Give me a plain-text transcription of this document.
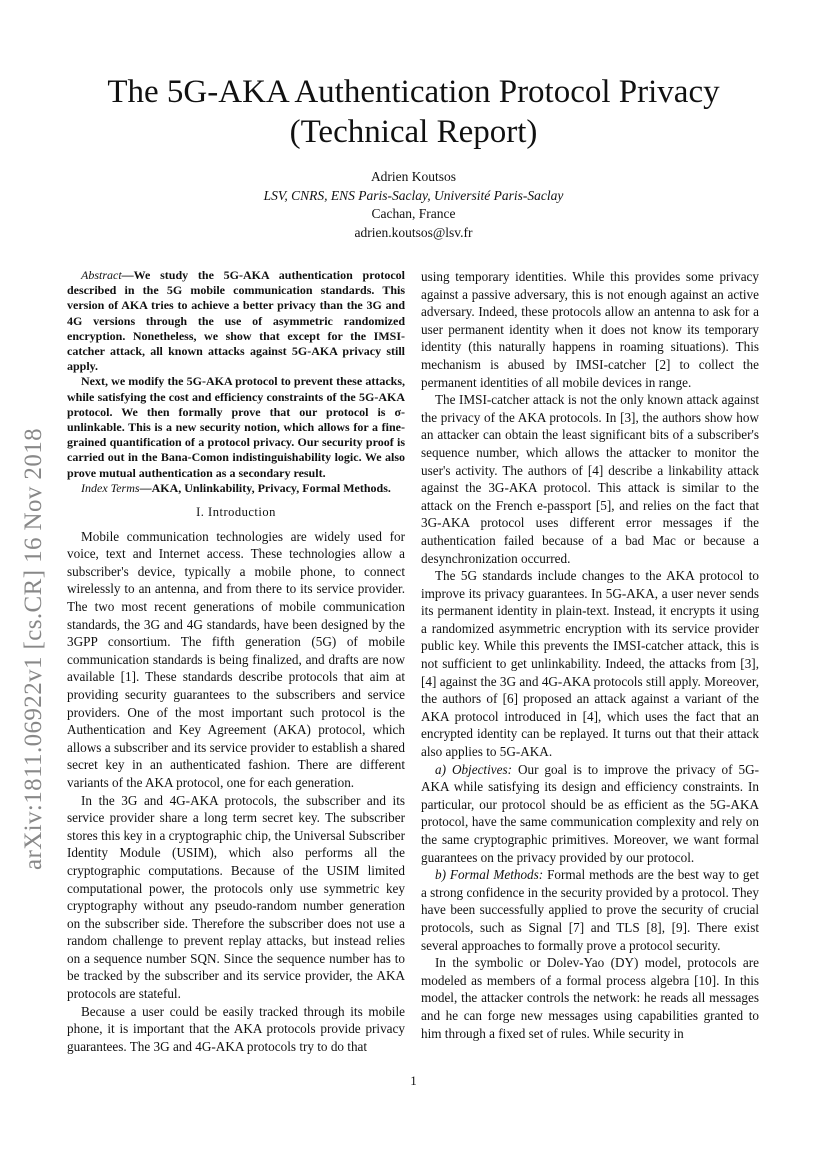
The 5G-AKA Authentication Protocol Privacy
(Technical Report)
Adrien Koutsos
LSV, CNRS, ENS Paris-Saclay, Université Paris-Saclay
Cachan, France
adrien.koutsos@lsv.fr
arXiv:1811.06922v1 [cs.CR] 16 Nov 2018

Abstract—We study the 5G-AKA authentication protocol described in the 5G mobile communication standards. This version of AKA tries to achieve a better privacy than the 3G and 4G versions through the use of asymmetric randomized encryption. Nonetheless, we show that except for the IMSI-catcher attack, all known attacks against 5G-AKA privacy still apply.

Next, we modify the 5G-AKA protocol to prevent these attacks, while satisfying the cost and efficiency constraints of the 5G-AKA protocol. We then formally prove that our protocol is σ-unlinkable. This is a new security notion, which allows for a fine-grained quantification of a protocol privacy. Our security proof is carried out in the Bana-Comon indistinguishability logic. We also prove mutual authentication as a secondary result.

Index Terms—AKA, Unlinkability, Privacy, Formal Methods.

I. Introduction

Mobile communication technologies are widely used for voice, text and Internet access. These technologies allow a subscriber's device, typically a mobile phone, to connect wirelessly to an antenna, and from there to its service provider. The two most recent generations of mobile communication standards, the 3G and 4G standards, have been designed by the 3GPP consortium. The fifth generation (5G) of mobile communication standards is being finalized, and drafts are now available [1]. These standards describe protocols that aim at providing security guarantees to the subscribers and service providers. One of the most important such protocol is the Authentication and Key Agreement (AKA) protocol, which allows a subscriber and its service provider to establish a shared secret key in an authenticated fashion. There are different variants of the AKA protocol, one for each generation.

In the 3G and 4G-AKA protocols, the subscriber and its service provider share a long term secret key. The subscriber stores this key in a cryptographic chip, the Universal Subscriber Identity Module (USIM), which also performs all the cryptographic computations. Because of the USIM limited computational power, the protocols only use symmetric key cryptography without any pseudo-random number generation on the subscriber side. Therefore the subscriber does not use a random challenge to prevent replay attacks, but instead relies on a sequence number SQN. Since the sequence number has to be tracked by the subscriber and its service provider, the AKA protocols are stateful.

Because a user could be easily tracked through its mobile phone, it is important that the AKA protocols provide privacy guarantees. The 3G and 4G-AKA protocols try to do that

using temporary identities. While this provides some privacy against a passive adversary, this is not enough against an active adversary. Indeed, these protocols allow an antenna to ask for a user permanent identity when it does not know its temporary identity (this naturally happens in roaming situations). This mechanism is abused by IMSI-catcher [2] to collect the permanent identities of all mobile devices in range.

The IMSI-catcher attack is not the only known attack against the privacy of the AKA protocols. In [3], the authors show how an attacker can obtain the least significant bits of a subscriber's sequence number, which allows the attacker to monitor the user's activity. The authors of [4] describe a linkability attack against the 3G-AKA protocol. This attack is similar to the attack on the French e-passport [5], and relies on the fact that 3G-AKA protocol uses different error messages if the authentication failed because of a bad Mac or because a desynchronization occurred.

The 5G standards include changes to the AKA protocol to improve its privacy guarantees. In 5G-AKA, a user never sends its permanent identity in plain-text. Instead, it encrypts it using a randomized asymmetric encryption with its service provider public key. While this prevents the IMSI-catcher attack, this is not sufficient to get unlinkability. Indeed, the attacks from [3], [4] against the 3G and 4G-AKA protocols still apply. Moreover, the authors of [6] proposed an attack against a variant of the AKA protocol introduced in [4], which uses the fact that an encrypted identity can be replayed. It turns out that their attack also applies to 5G-AKA.

a) Objectives: Our goal is to improve the privacy of 5G-AKA while satisfying its design and efficiency constraints. In particular, our protocol should be as efficient as the 5G-AKA protocol, have the same communication complexity and rely on the same cryptographic primitives. Moreover, we want formal guarantees on the privacy provided by our protocol.

b) Formal Methods: Formal methods are the best way to get a strong confidence in the security provided by a protocol. They have been successfully applied to prove the security of crucial protocols, such as Signal [7] and TLS [8], [9]. There exist several approaches to formally prove a protocol security.

In the symbolic or Dolev-Yao (DY) model, protocols are modeled as members of a formal process algebra [10]. In this model, the attacker controls the network: he reads all messages and he can forge new messages using capabilities granted to him through a fixed set of rules. While security in

1
